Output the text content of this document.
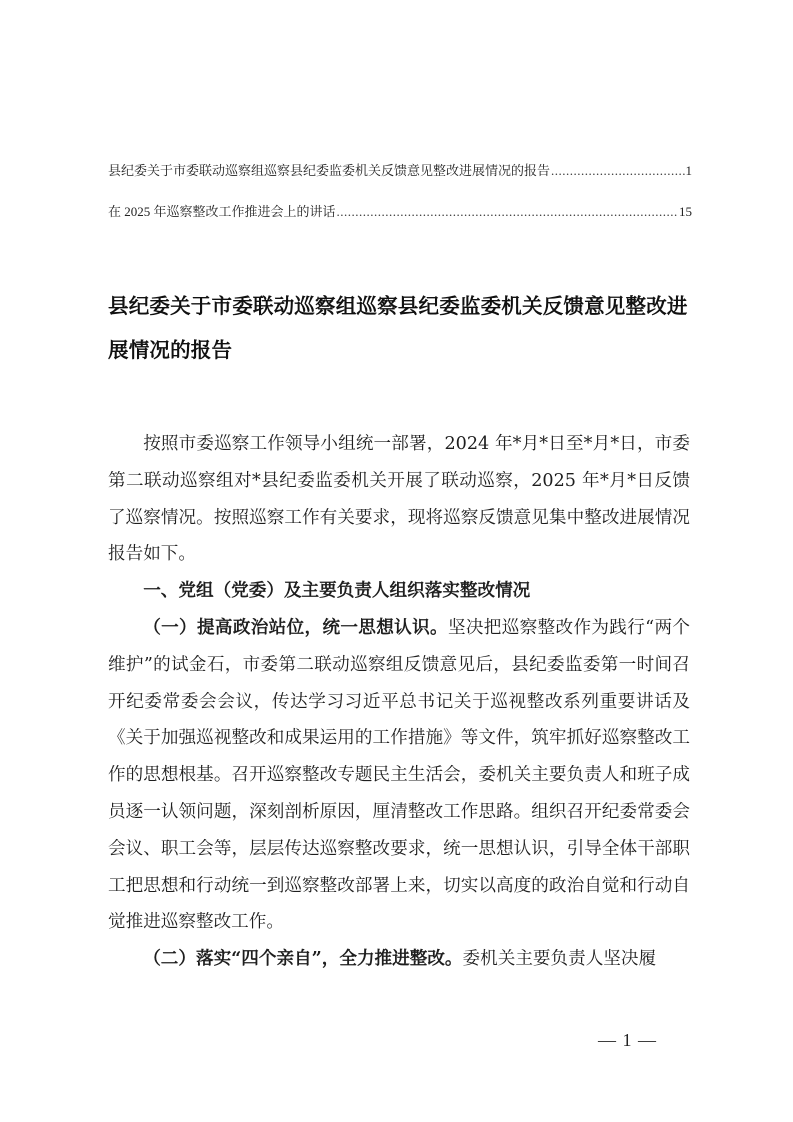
县纪委关于市委联动巡察组巡察县纪委监委机关反馈意见整改进展情况的报告 .....	1
在 2025 年巡察整改工作推进会上的讲话 .....	15
县纪委关于市委联动巡察组巡察县纪委监委机关反馈意见整改进展情况的报告

按照市委巡察工作领导小组统一部署，2024 年*月*日至*月*日，市委第二联动巡察组对*县纪委监委机关开展了联动巡察，2025 年*月*日反馈了巡察情况。按照巡察工作有关要求，现将巡察反馈意见集中整改进展情况报告如下。

一、党组（党委）及主要负责人组织落实整改情况

（一）提高政治站位，统一思想认识。坚决把巡察整改作为践行“两个维护”的试金石，市委第二联动巡察组反馈意见后，县纪委监委第一时间召开纪委常委会会议，传达学习习近平总书记关于巡视整改系列重要讲话及《关于加强巡视整改和成果运用的工作措施》等文件，筑牢抓好巡察整改工作的思想根基。召开巡察整改专题民主生活会，委机关主要负责人和班子成员逐一认领问题，深刻剖析原因，厘清整改工作思路。组织召开纪委常委会会议、职工会等，层层传达巡察整改要求，统一思想认识，引导全体干部职工把思想和行动统一到巡察整改部署上来，切实以高度的政治自觉和行动自觉推进巡察整改工作。

（二）落实“四个亲自”，全力推进整改。委机关主要负责人坚决履

— 1 —
